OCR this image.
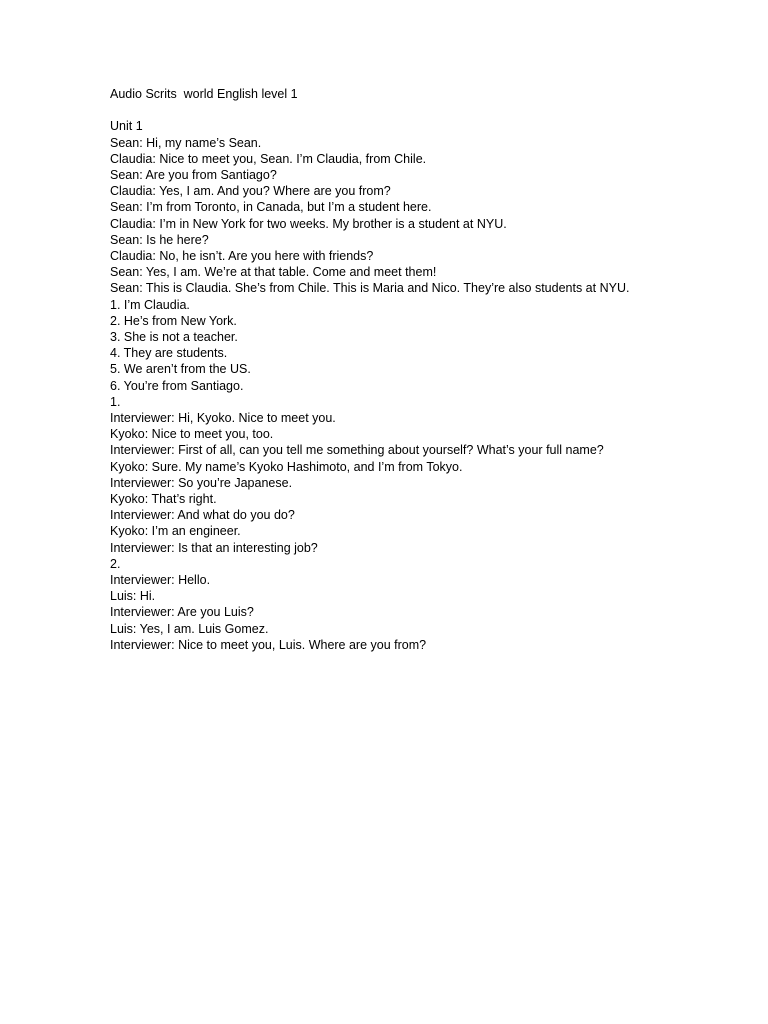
Audio Scrits  world English level 1
Unit 1
Sean: Hi, my name’s Sean.
Claudia: Nice to meet you, Sean. I’m Claudia, from Chile.
Sean: Are you from Santiago?
Claudia: Yes, I am. And you? Where are you from?
Sean: I’m from Toronto, in Canada, but I’m a student here.
Claudia: I’m in New York for two weeks. My brother is a student at NYU.
Sean: Is he here?
Claudia: No, he isn’t. Are you here with friends?
Sean: Yes, I am. We’re at that table. Come and meet them!
Sean: This is Claudia. She’s from Chile. This is Maria and Nico. They’re also students at NYU.
1. I’m Claudia.
2. He’s from New York.
3. She is not a teacher.
4. They are students.
5. We aren’t from the US.
6. You’re from Santiago.
1.
Interviewer: Hi, Kyoko. Nice to meet you.
Kyoko: Nice to meet you, too.
Interviewer: First of all, can you tell me something about yourself? What’s your full name?
Kyoko: Sure. My name’s Kyoko Hashimoto, and I’m from Tokyo.
Interviewer: So you’re Japanese.
Kyoko: That’s right.
Interviewer: And what do you do?
Kyoko: I’m an engineer.
Interviewer: Is that an interesting job?
2.
Interviewer: Hello.
Luis: Hi.
Interviewer: Are you Luis?
Luis: Yes, I am. Luis Gomez.
Interviewer: Nice to meet you, Luis. Where are you from?
